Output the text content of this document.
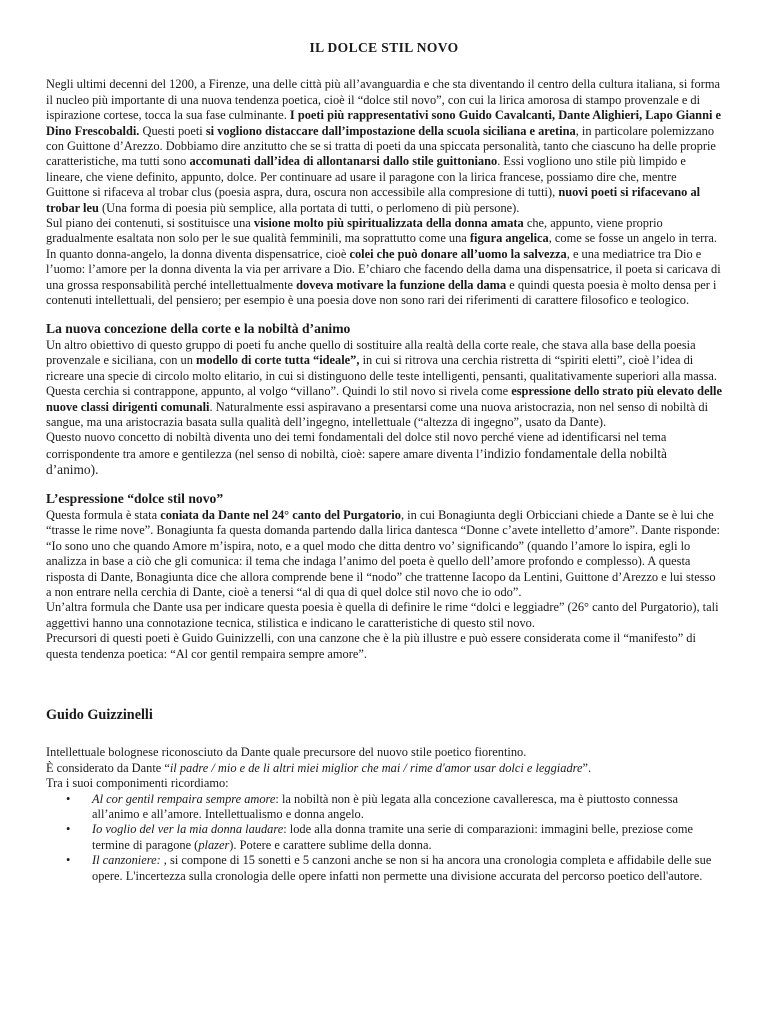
IL DOLCE STIL NOVO

Negli ultimi decenni del 1200, a Firenze, una delle città più all’avanguardia e che sta diventando il centro della cultura italiana, si forma il nucleo più importante di una nuova tendenza poetica, cioè il “dolce stil novo”, con cui la lirica amorosa di stampo provenzale e di ispirazione cortese, tocca la sua fase culminante. I poeti più rappresentativi sono Guido Cavalcanti, Dante Alighieri, Lapo Gianni e Dino Frescobaldi. Questi poeti si vogliono distaccare dall’impostazione della scuola siciliana e aretina, in particolare polemizzano con Guittone d’Arezzo. Dobbiamo dire anzitutto che se si tratta di poeti da una spiccata personalità, tanto che ciascuno ha delle proprie caratteristiche, ma tutti sono accomunati dall’idea di allontanarsi dallo stile guittoniano. Essi vogliono uno stile più limpido e lineare, che viene definito, appunto, dolce. Per continuare ad usare il paragone con la lirica francese, possiamo dire che, mentre Guittone si rifaceva al trobar clus (poesia aspra, dura, oscura non accessibile alla compresione di tutti), nuovi poeti si rifacevano al trobar leu (Una forma di poesia più semplice, alla portata di tutti, o perlomeno di più persone).

Sul piano dei contenuti, si sostituisce una visione molto più spiritualizzata della donna amata che, appunto, viene proprio gradualmente esaltata non solo per le sue qualità femminili, ma soprattutto come una figura angelica, come se fosse un angelo in terra. In quanto donna-angelo, la donna diventa dispensatrice, cioè colei che può donare all’uomo la salvezza, e una mediatrice tra Dio e l’uomo: l’amore per la donna diventa la via per arrivare a Dio. E’chiaro che facendo della dama una dispensatrice, il poeta si caricava di una grossa responsabilità perché intellettualmente doveva motivare la funzione della dama e quindi questa poesia è molto densa per i contenuti intellettuali, del pensiero; per esempio è una poesia dove non sono rari dei riferimenti di carattere filosofico e teologico.

La nuova concezione della corte e la nobiltà d’animo

Un altro obiettivo di questo gruppo di poeti fu anche quello di sostituire alla realtà della corte reale, che stava alla base della poesia provenzale e siciliana, con un modello di corte tutta “ideale”, in cui si ritrova una cerchia ristretta di “spiriti eletti”, cioè l’idea di ricreare una specie di circolo molto elitario, in cui si distinguono delle teste intelligenti, pensanti, qualitativamente superiori alla massa.

Questa cerchia si contrappone, appunto, al volgo “villano”. Quindi lo stil novo si rivela come espressione dello strato più elevato delle nuove classi dirigenti comunali. Naturalmente essi aspiravano a presentarsi come una nuova aristocrazia, non nel senso di nobiltà di sangue, ma una aristocrazia basata sulla qualità dell’ingegno, intellettuale (“altezza di ingegno”, usato da Dante).

Questo nuovo concetto di nobiltà diventa uno dei temi fondamentali del dolce stil novo perché viene ad identificarsi nel tema corrispondente tra amore e gentilezza (nel senso di nobiltà, cioè: sapere amare diventa l’indizio fondamentale della nobiltà d’animo).

L’espressione “dolce stil novo”

Questa formula è stata coniata da Dante nel 24° canto del Purgatorio, in cui Bonagiunta degli Orbicciani chiede a Dante se è lui che “trasse le rime nove”. Bonagiunta fa questa domanda partendo dalla lirica dantesca “Donne c’avete intelletto d’amore”. Dante risponde: “Io sono uno che quando Amore m’ispira, noto, e a quel modo che ditta dentro vo’ significando” (quando l’amore lo ispira, egli lo analizza in base a ciò che gli comunica: il tema che indaga l’animo del poeta è quello dell’amore profondo e complesso). A questa risposta di Dante, Bonagiunta dice che allora comprende bene il “nodo” che trattenne Iacopo da Lentini, Guittone d’Arezzo e lui stesso a non entrare nella cerchia di Dante, cioè a tenersi “al di qua di quel dolce stil novo che io odo”.

Un’altra formula che Dante usa per indicare questa poesia è quella di definire le rime “dolci e leggiadre” (26° canto del Purgatorio), tali aggettivi hanno una connotazione tecnica, stilistica e indicano le caratteristiche di questo stil novo.

Precursori di questi poeti è Guido Guinizzelli, con una canzone che è la più illustre e può essere considerata come il “manifesto” di questa tendenza poetica: “Al cor gentil rempaira sempre amore”.

Guido Guizzinelli

Intellettuale bolognese riconosciuto da Dante quale precursore del nuovo stile poetico fiorentino.

È considerato da Dante “il padre / mio e de li altri miei miglior che mai / rime d'amor usar dolci e leggiadre”.

Tra i suoi componimenti ricordiamo:

• Al cor gentil rempaira sempre amore: la nobiltà non è più legata alla concezione cavalleresca, ma è piuttosto connessa all’animo e all’amore. Intellettualismo e donna angelo.
• Io voglio del ver la mia donna laudare: lode alla donna tramite una serie di comparazioni: immagini belle, preziose come termine di paragone (plazer). Potere e carattere sublime della donna.
• Il canzoniere: , si compone di 15 sonetti e 5 canzoni anche se non si ha ancora una cronologia completa e affidabile delle sue opere. L'incertezza sulla cronologia delle opere infatti non permette una divisione accurata del percorso poetico dell'autore.
